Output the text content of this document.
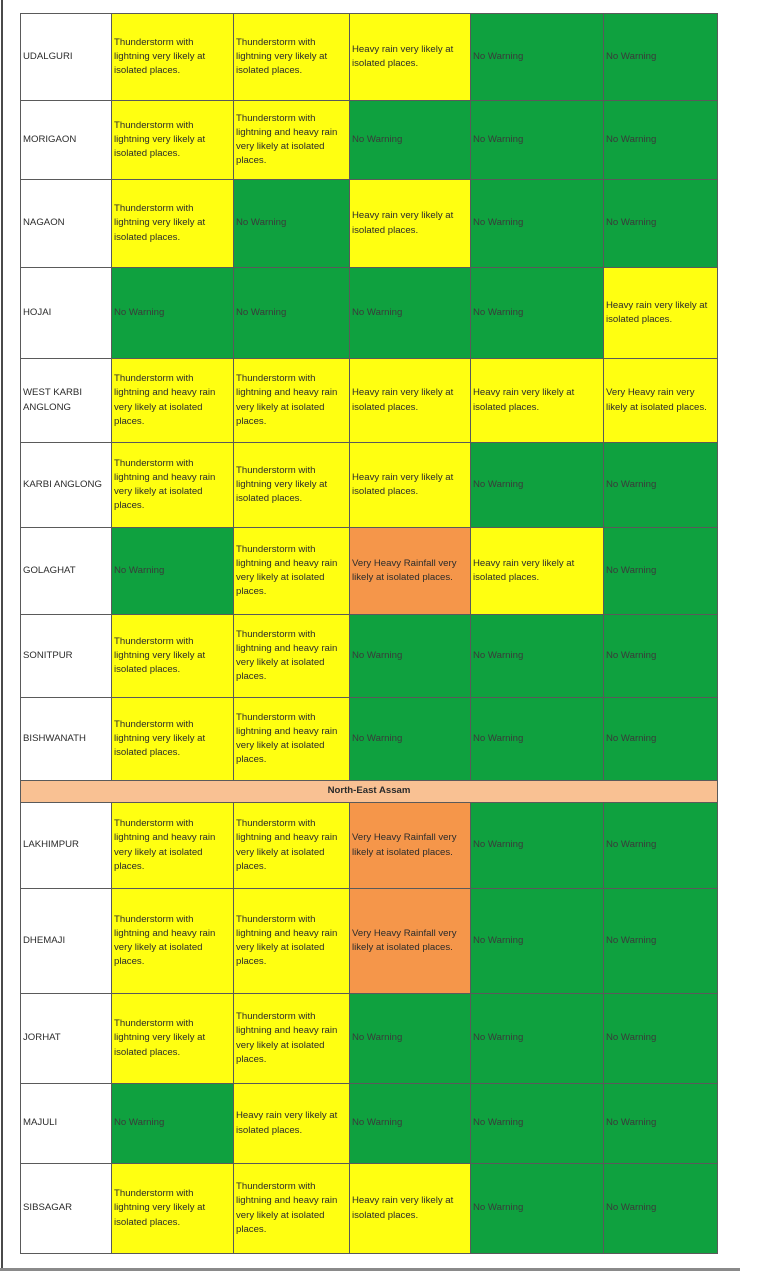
UDALGURI	Thunderstorm with lightning very likely at isolated places.	Thunderstorm with lightning very likely at isolated places.	Heavy rain very likely at isolated places.	No Warning	No Warning
MORIGAON	Thunderstorm with lightning very likely at isolated places.	Thunderstorm with lightning and heavy rain very likely at isolated places.	No Warning	No Warning	No Warning
NAGAON	Thunderstorm with lightning very likely at isolated places.	No Warning	Heavy rain very likely at isolated places.	No Warning	No Warning
HOJAI	No Warning	No Warning	No Warning	No Warning	Heavy rain very likely at isolated places.
WEST KARBI ANGLONG	Thunderstorm with lightning and heavy rain very likely at isolated places.	Thunderstorm with lightning and heavy rain very likely at isolated places.	Heavy rain very likely at isolated places.	Heavy rain very likely at isolated places.	Very Heavy rain very likely at isolated places.
KARBI ANGLONG	Thunderstorm with lightning and heavy rain very likely at isolated places.	Thunderstorm with lightning very likely at isolated places.	Heavy rain very likely at isolated places.	No Warning	No Warning
GOLAGHAT	No Warning	Thunderstorm with lightning and heavy rain very likely at isolated places.	Very Heavy Rainfall very likely at isolated places.	Heavy rain very likely at isolated places.	No Warning
SONITPUR	Thunderstorm with lightning very likely at isolated places.	Thunderstorm with lightning and heavy rain very likely at isolated places.	No Warning	No Warning	No Warning
BISHWANATH	Thunderstorm with lightning very likely at isolated places.	Thunderstorm with lightning and heavy rain very likely at isolated places.	No Warning	No Warning	No Warning
North-East Assam					
LAKHIMPUR	Thunderstorm with lightning and heavy rain very likely at isolated places.	Thunderstorm with lightning and heavy rain very likely at isolated places.	Very Heavy Rainfall very likely at isolated places.	No Warning	No Warning
DHEMAJI	Thunderstorm with lightning and heavy rain very likely at isolated places.	Thunderstorm with lightning and heavy rain very likely at isolated places.	Very Heavy Rainfall very likely at isolated places.	No Warning	No Warning
JORHAT	Thunderstorm with lightning very likely at isolated places.	Thunderstorm with lightning and heavy rain very likely at isolated places.	No Warning	No Warning	No Warning
MAJULI	No Warning	Heavy rain very likely at isolated places.	No Warning	No Warning	No Warning
SIBSAGAR	Thunderstorm with lightning very likely at isolated places.	Thunderstorm with lightning and heavy rain very likely at isolated places.	Heavy rain very likely at isolated places.	No Warning	No Warning
